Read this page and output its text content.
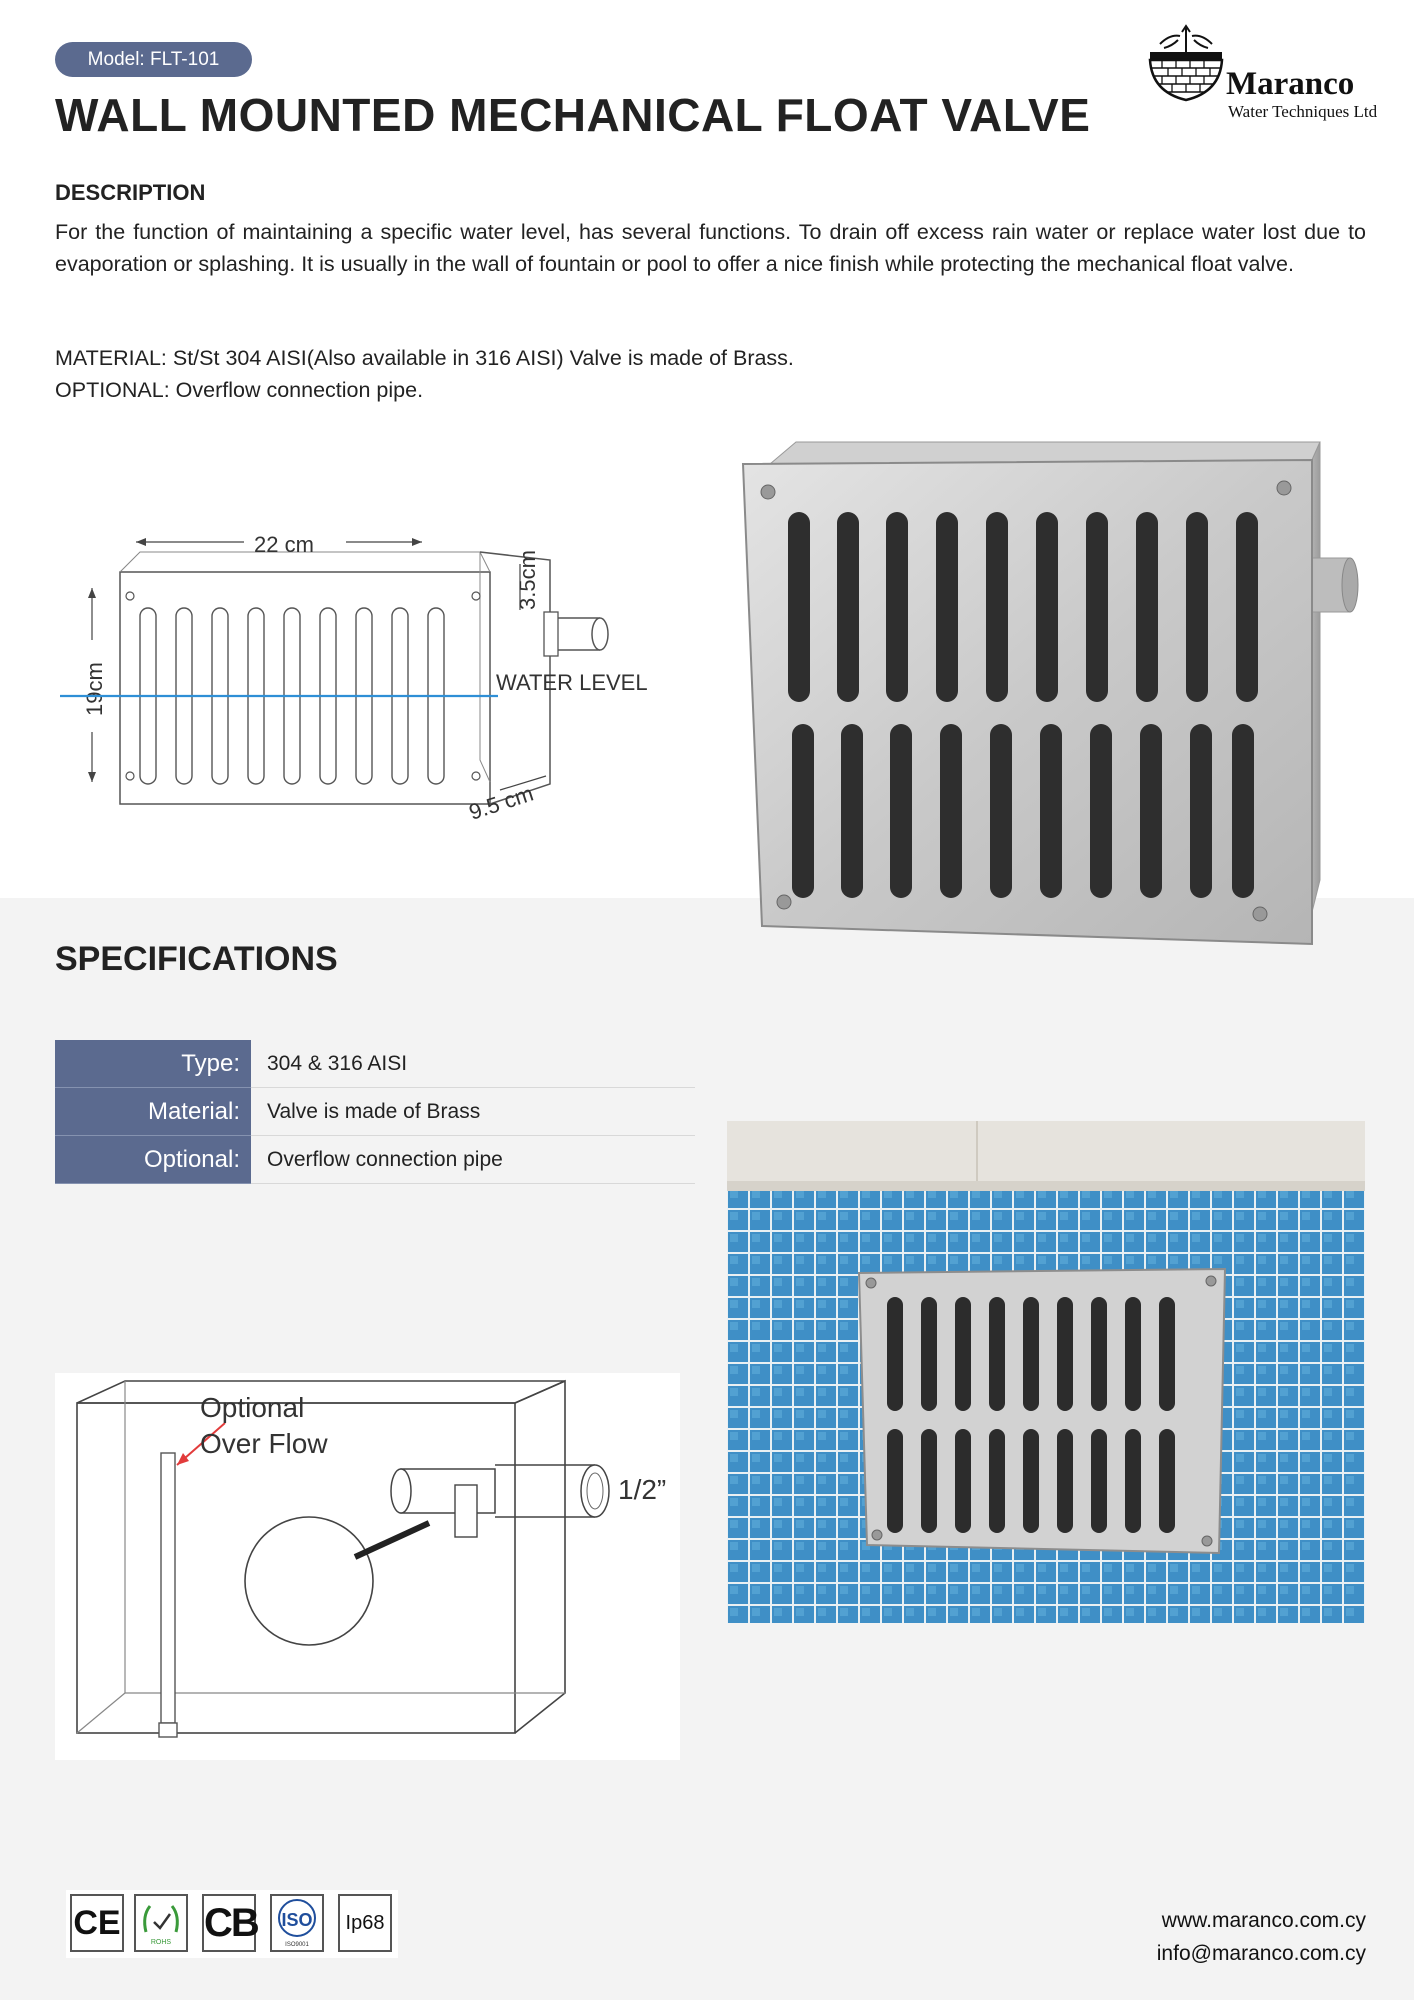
Model: FLT-101
Maranco
Water Techniques Ltd
WALL MOUNTED MECHANICAL FLOAT VALVE
DESCRIPTION
For the function of maintaining a specific water level, has several functions. To drain off excess rain water or replace water lost due to evaporation or splashing. It is usually in the wall of fountain or pool to offer a nice finish while protecting the mechanical float valve.
MATERIAL: St/St 304 AISI(Also available in 316 AISI) Valve is made of Brass.
OPTIONAL: Overflow connection pipe.
22 cm
19cm
3.5cm
WATER LEVEL
9.5 cm
SPECIFICATIONS
Type:	304 & 316 AISI
Material:	Valve is made of Brass
Optional:	Overflow connection pipe
Optional
Over Flow
1/2”
CE
ROHS CB ISO
ISO9001
Ip68	www.maranco.com.cy
info@maranco.com.cy
